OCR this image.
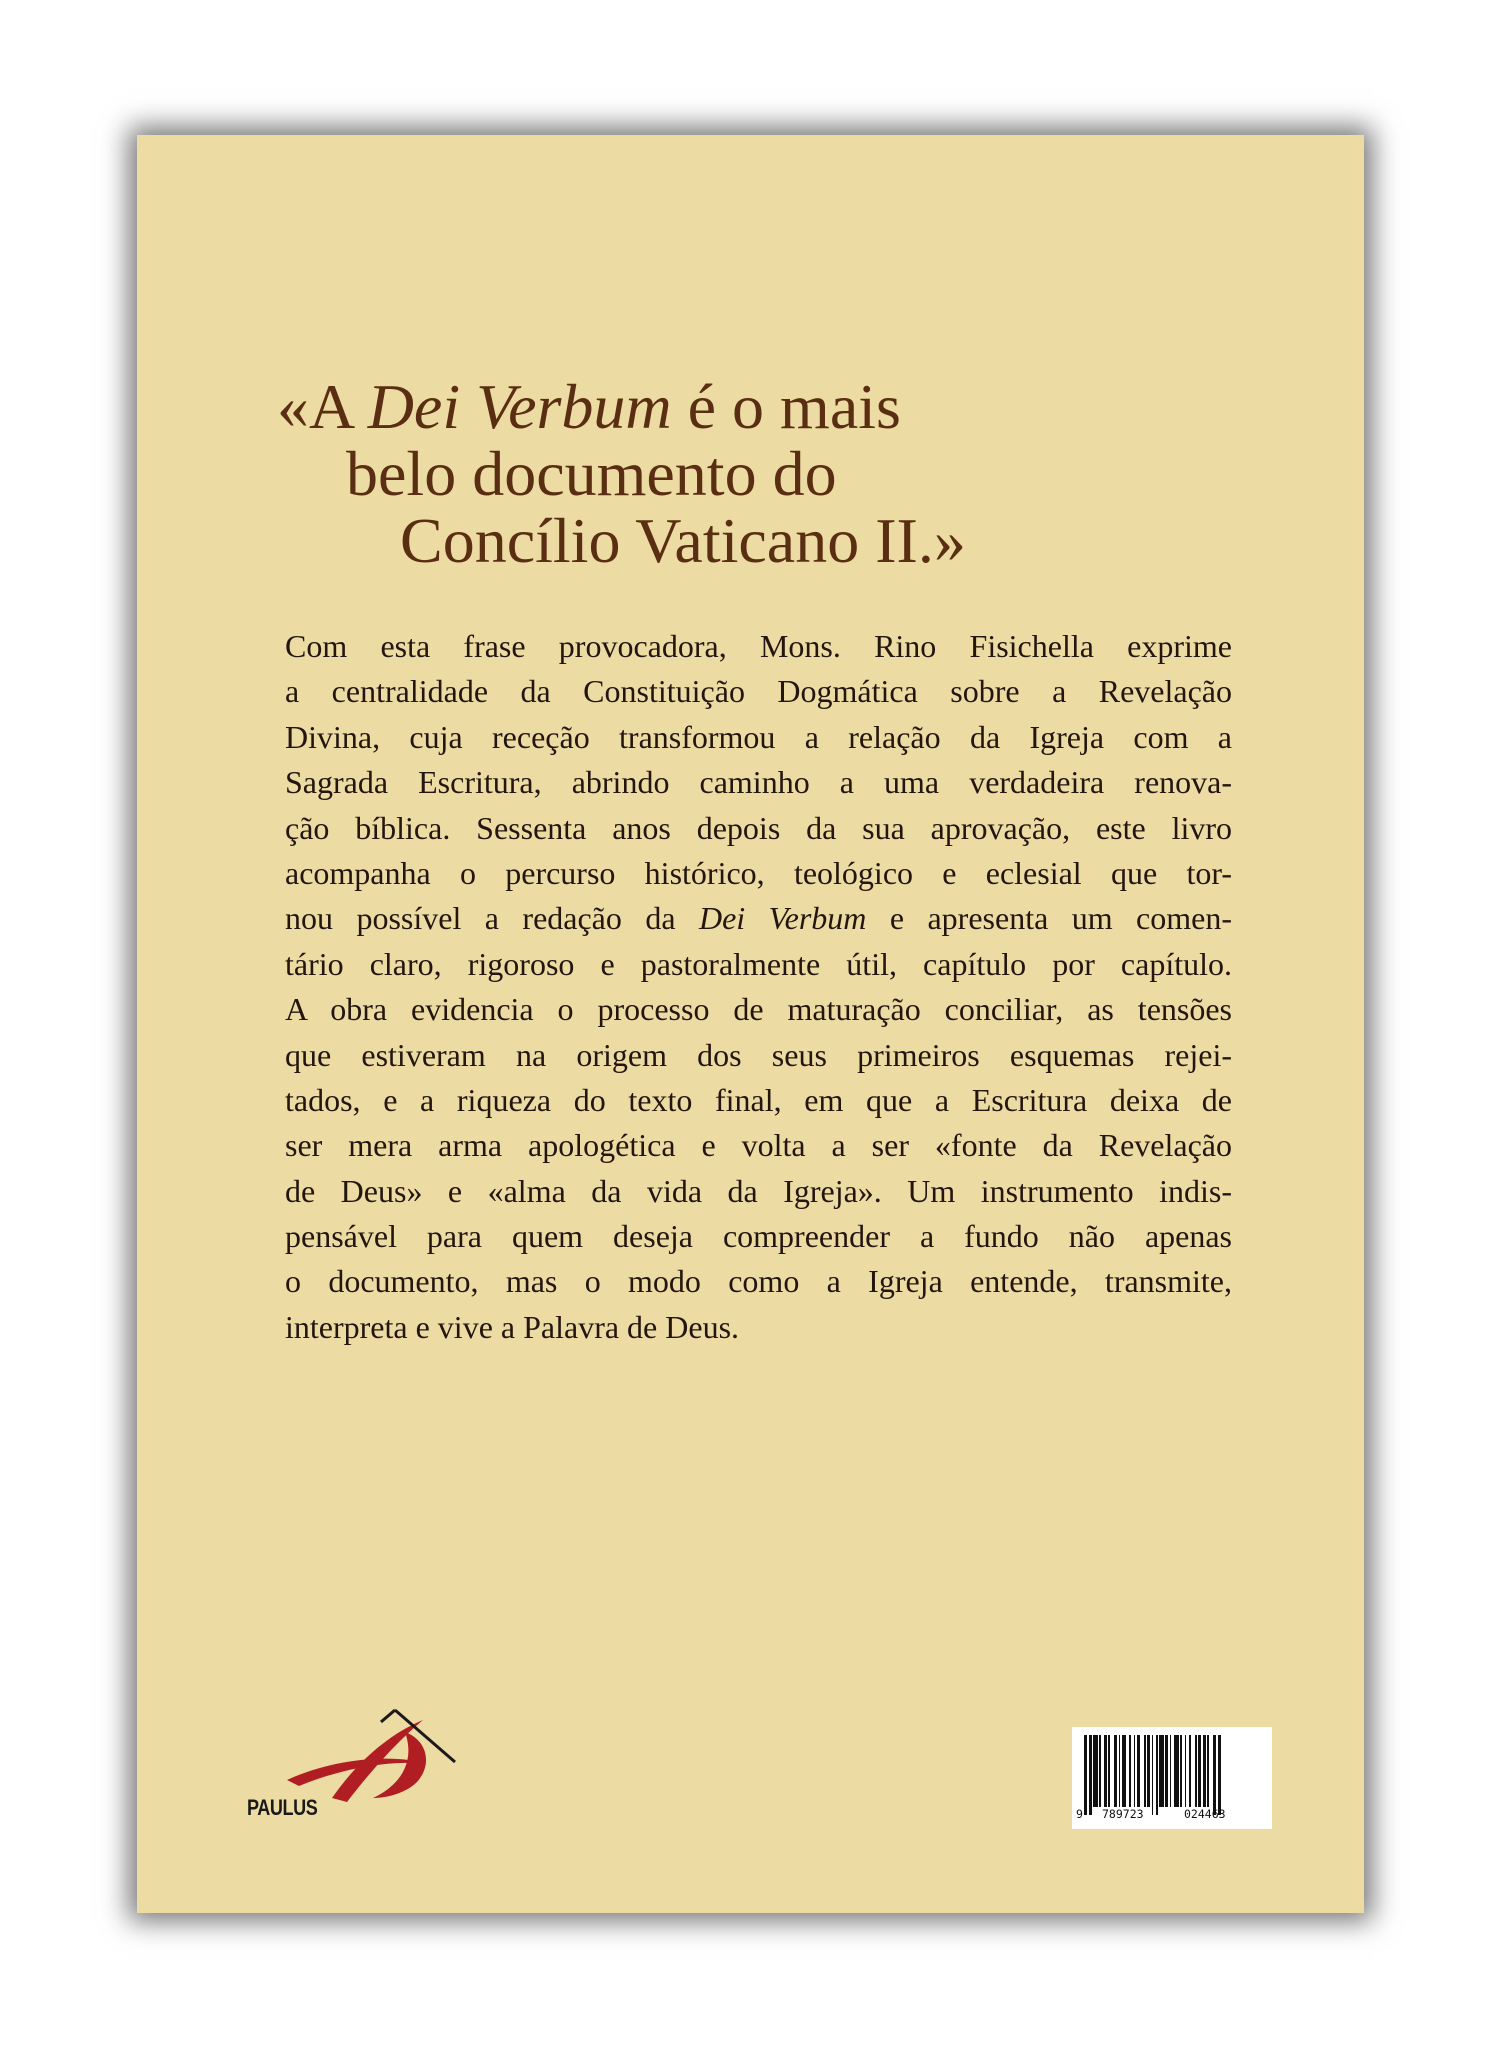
«A Dei Verbum é o mais
belo documento do
Concílio Vaticano II.»

Com esta frase provocadora, Mons. Rino Fisichella exprime
a centralidade da Constituição Dogmática sobre a Revelação
Divina, cuja receção transformou a relação da Igreja com a
Sagrada Escritura, abrindo caminho a uma verdadeira renova-
ção bíblica. Sessenta anos depois da sua aprovação, este livro
acompanha o percurso histórico, teológico e eclesial que tor-
nou possível a redação da Dei Verbum e apresenta um comen-
tário claro, rigoroso e pastoralmente útil, capítulo por capítulo.
A obra evidencia o processo de maturação conciliar, as tensões
que estiveram na origem dos seus primeiros esquemas rejei-
tados, e a riqueza do texto final, em que a Escritura deixa de
ser mera arma apologética e volta a ser «fonte da Revelação
de Deus» e «alma da vida da Igreja». Um instrumento indis-
pensável para quem deseja compreender a fundo não apenas
o documento, mas o modo como a Igreja entende, transmite,
interpreta e vive a Palavra de Deus.

PAULUS	9 789723	024463
